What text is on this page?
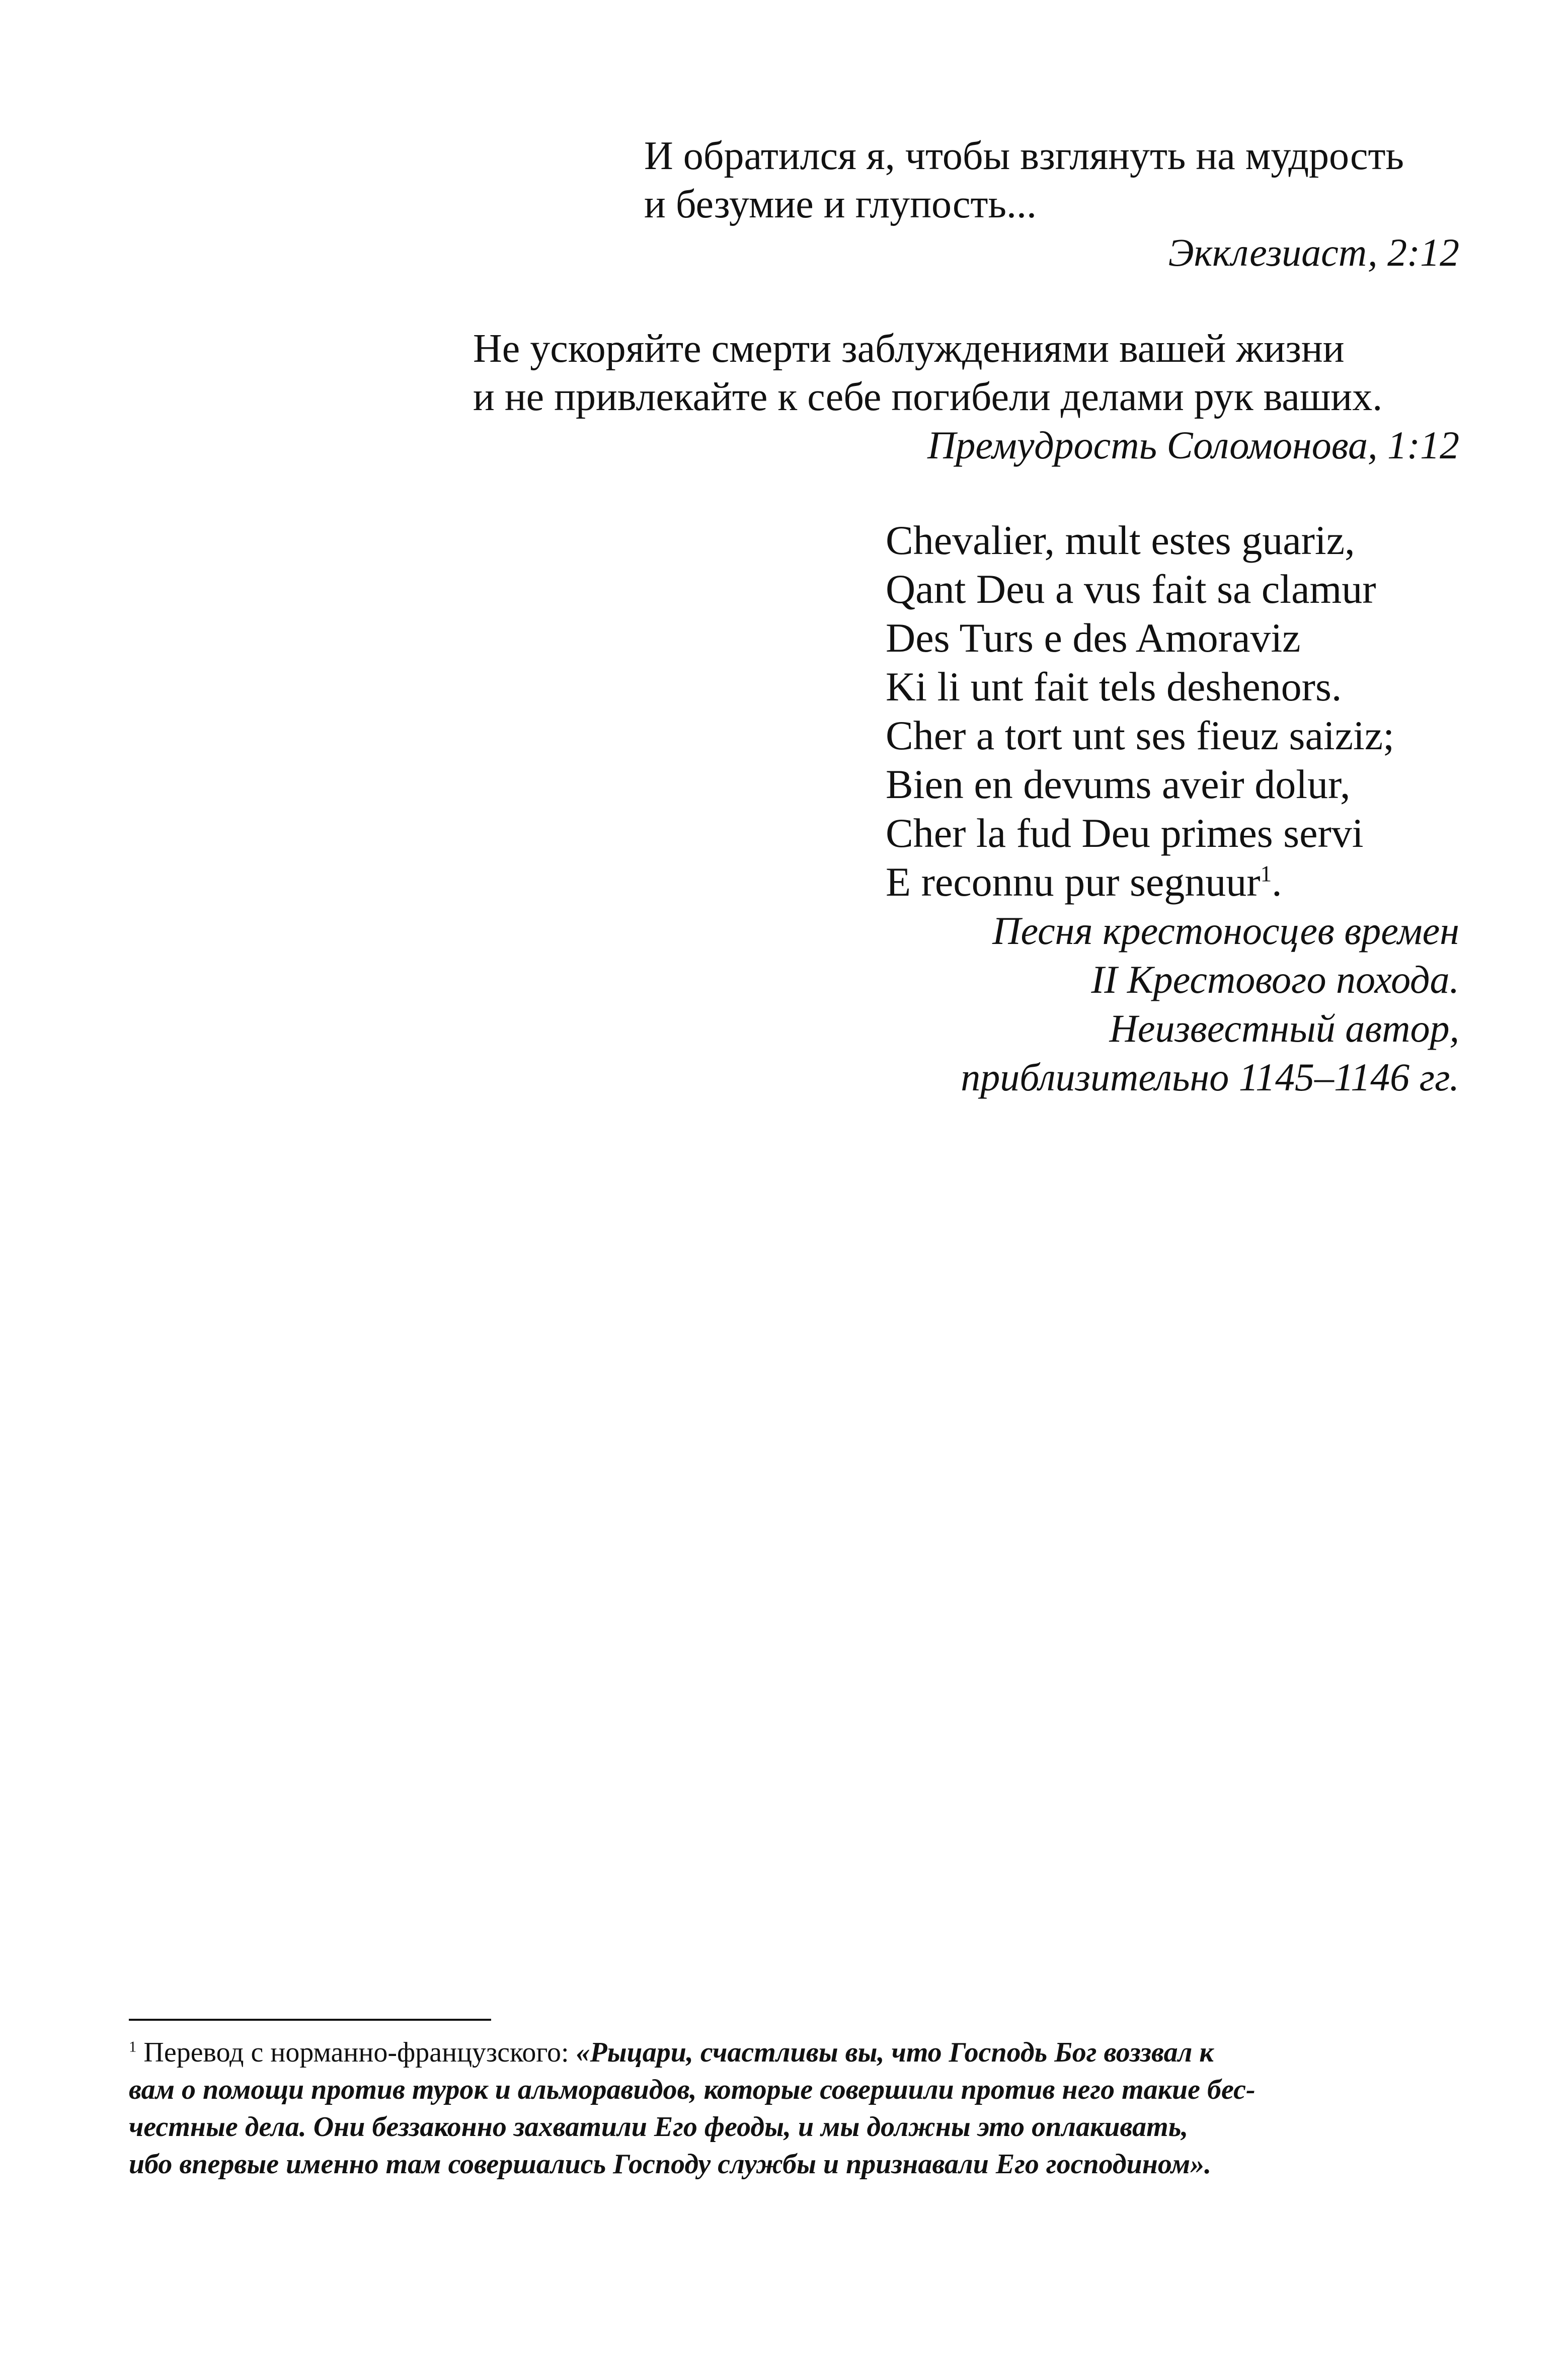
И обратился я, чтобы взглянуть на мудрость
и безумие и глупость...
Экклезиаст, 2:12
Не ускоряйте смерти заблуждениями вашей жизни
и не привлекайте к себе погибели делами рук ваших.
Премудрость Соломонова, 1:12
Chevalier, mult estes guariz,
Qant Deu a vus fait sa clamur
Des Turs e des Amoraviz
Ki li unt fait tels deshenors.
Cher a tort unt ses fieuz saiziz;
Bien en devums aveir dolur,
Cher la fud Deu primes servi
E reconnu pur segnuur$^1$.
Песня крестоносцев времен
II Крестового похода.
Неизвестный автор,
приблизительно 1145–1146 гг.
$^1$ Перевод с норманно-французского: «Рыцари, счастливы вы, что Господь Бог воззвал к
вам о помощи против турок и альморавидов, которые совершили против него такие бес-
честные дела. Они беззаконно захватили Его феоды, и мы должны это оплакивать,
ибо впервые именно там совершались Господу службы и признавали Его господином».
